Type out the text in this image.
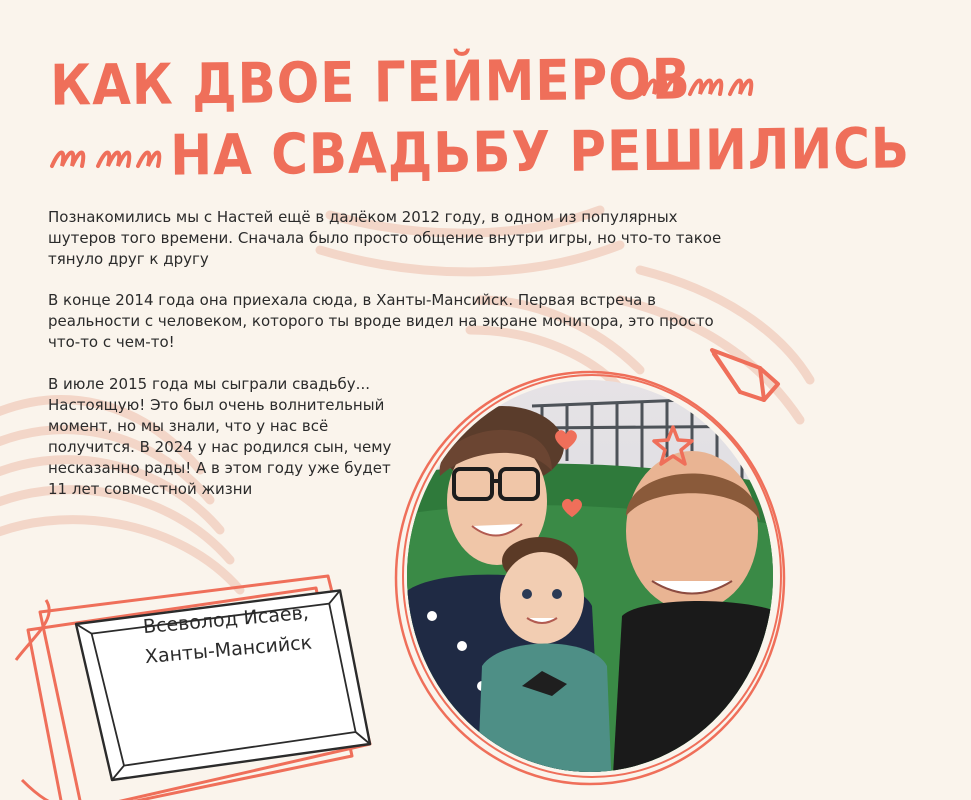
КАК ДВОЕ ГЕЙМЕРОВ
НА СВАДЬБУ РЕШИЛИСЬ

Познакомились мы с Настей ещё в далёком 2012 году, в одном из популярных шутеров того времени. Сначала было просто общение внутри игры, но что-то такое тянуло друг к другу

В конце 2014 года она приехала сюда, в Ханты-Мансийск. Первая встреча в реальности с человеком, которого ты вроде видел на экране монитора, это просто что-то с чем-то!

В июле 2015 года мы сыграли свадьбу... Настоящую! Это был очень волнительный момент, но мы знали, что у нас всё получится. В 2024 у нас родился сын, чему несказанно рады! А в этом году уже будет 11 лет совместной жизни

Всеволод Исаев,
Ханты-Мансийск
